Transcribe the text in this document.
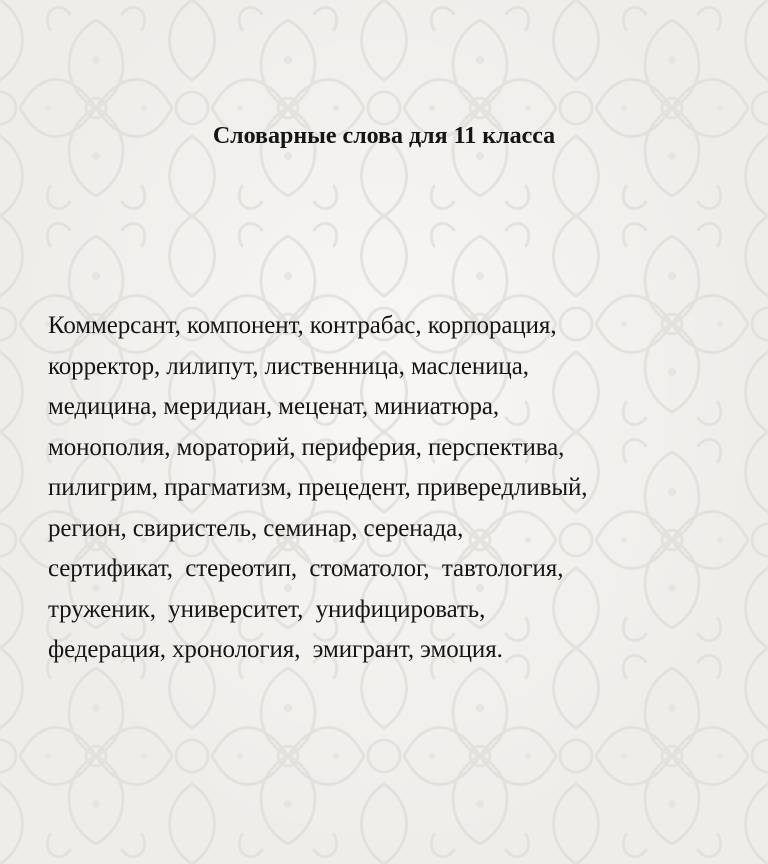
Словарные слова для 11 класса

Коммерсант, компонент, контрабас, корпорация,
корректор, лилипут, лиственница, масленица,
медицина, меридиан, меценат, миниатюра,
монополия, мораторий, периферия, перспектива,
пилигрим, прагматизм, прецедент, привередливый,
регион, свиристель, семинар, серенада,
сертификат,  стереотип,  стоматолог,  тавтология,
труженик,  университет,  унифицировать,
федерация, хронология,  эмигрант, эмоция.
